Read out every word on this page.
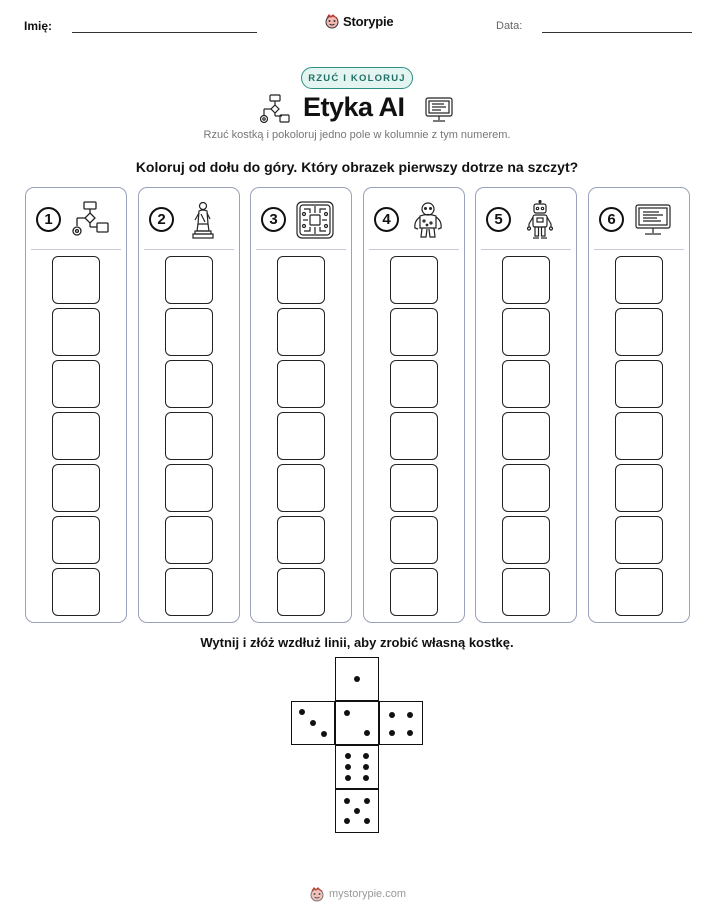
Imię:	Storypie	Data:
RZUĆ I KOLORUJ
Etyka AI
Rzuć kostką i pokoloruj jedno pole w kolumnie z tym numerem.
Koloruj od dołu do góry. Który obrazek pierwszy dotrze na szczyt?
1	2	3	4	5	6
Wytnij i złóż wzdłuż linii, aby zrobić własną kostkę.
mystorypie.com
